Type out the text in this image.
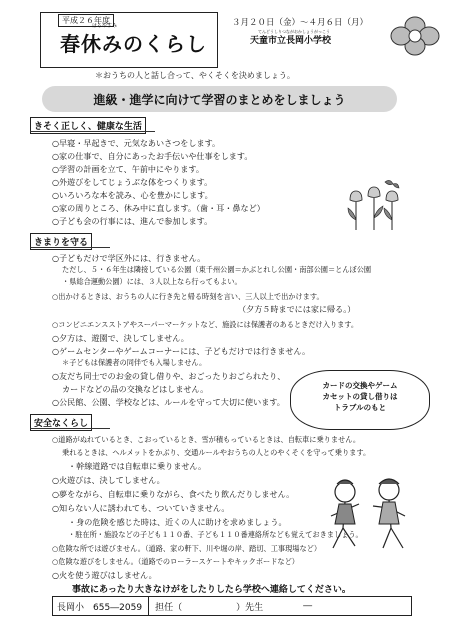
平成２６年度
はるやすみ
春休みのくらし
３月２０日（金）～４月６日（月）
てんどうしりつながおかしょうがっこう
天童市立長岡小学校
＊おうちの人と話し合って、やくそくを決めましょう。
進級・進学に向けて学習のまとめをしましょう
きそく正しく、健康な生活
○早寝・早起きで、元気なあいさつをします。
○家の仕事で、自分にあったお手伝いや仕事をします。
○学習の計画を立て、午前中にやります。
○外遊びをしてじょうぶな体をつくります。
○いろいろな本を読み、心を豊かにします。
○家の周りところ、休み中に直します。（歯・耳・鼻など）
○子ども会の行事には、進んで参加します。
きまりを守る
○子どもだけで学区外には、行きません。
ただし、５・６年生は隣接している公園（東千州公園＝かぶとれし公園・南部公園＝とんぼ公園
・県総合運動公園）には、３人以上なら行ってもよい。
○出かけるときは、おうちの人に行き先と帰る時刻を言い、三人以上で出かけます。
（夕方５時までには家に帰る。）
○コンビニエンスストアやスーパーマーケットなど、施設には保護者のあるときだけ入ります。
○夕方は、遊園で、決してしません。
○ゲームセンターやゲームコーナーには、子どもだけでは行きません。
＊子どもは保護者の同伴でも入場しません。
○友だち同士でのお金の貸し借りや、おごったりおごられたり、
カードなどの品の交換などはしません。
○公民館、公園、学校などは、ルールを守って大切に使います。
カードの交換やゲーム
カセットの貸し借りは
トラブルのもと
安全なくらし
○道路がぬれているとき、こおっているとき、雪が積もっているときは、自転車に乗りません。
乗れるときは、ヘルメットをかぶり、交通ルールやおうちの人とのやくそくを守って乗ります。
・幹線道路では自転車に乗りません。
○火遊びは、決してしません。
○夢をながら、自転車に乗りながら、食べたり飲んだりしません。
○知らない人に誘われても、ついていきません。
・身の危険を感じた時は、近くの人に助けを求めましょう。
・駐在所・施設などの子ども１１０番、子ども１１０番連絡所なども覚えておきましょう。
○危険な所では遊びません。（道路、家の軒下、川や堀の岸、踏切、工事現場など）
○危険な遊びをしません。（道路でのローラースケートやキックボードなど）
○火を使う遊びはしません。
事故にあったり大きなけがをしたりしたら学校へ連絡してください。
長岡小　655―2059 担任（　　　　　　）先生	―
